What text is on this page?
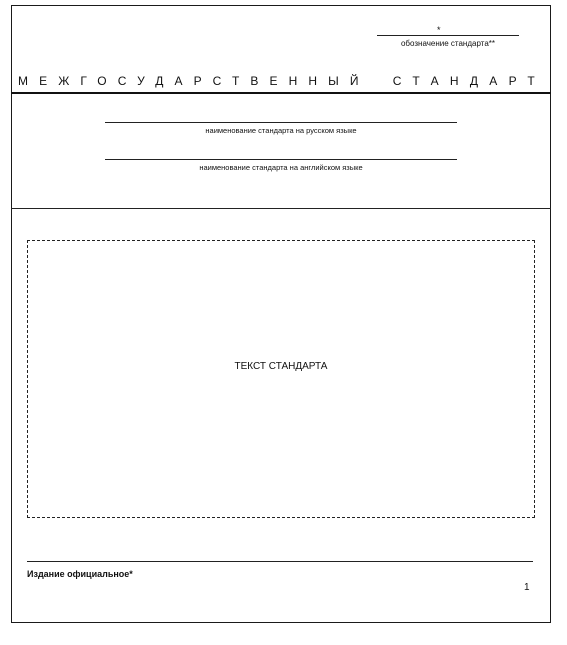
*
обозначение стандарта**
МЕЖГОСУДАРСТВЕННЫЙ СТАНДАРТ
наименование стандарта на русском языке
наименование стандарта на английском языке
ТЕКСТ СТАНДАРТА
Издание официальное*
1
